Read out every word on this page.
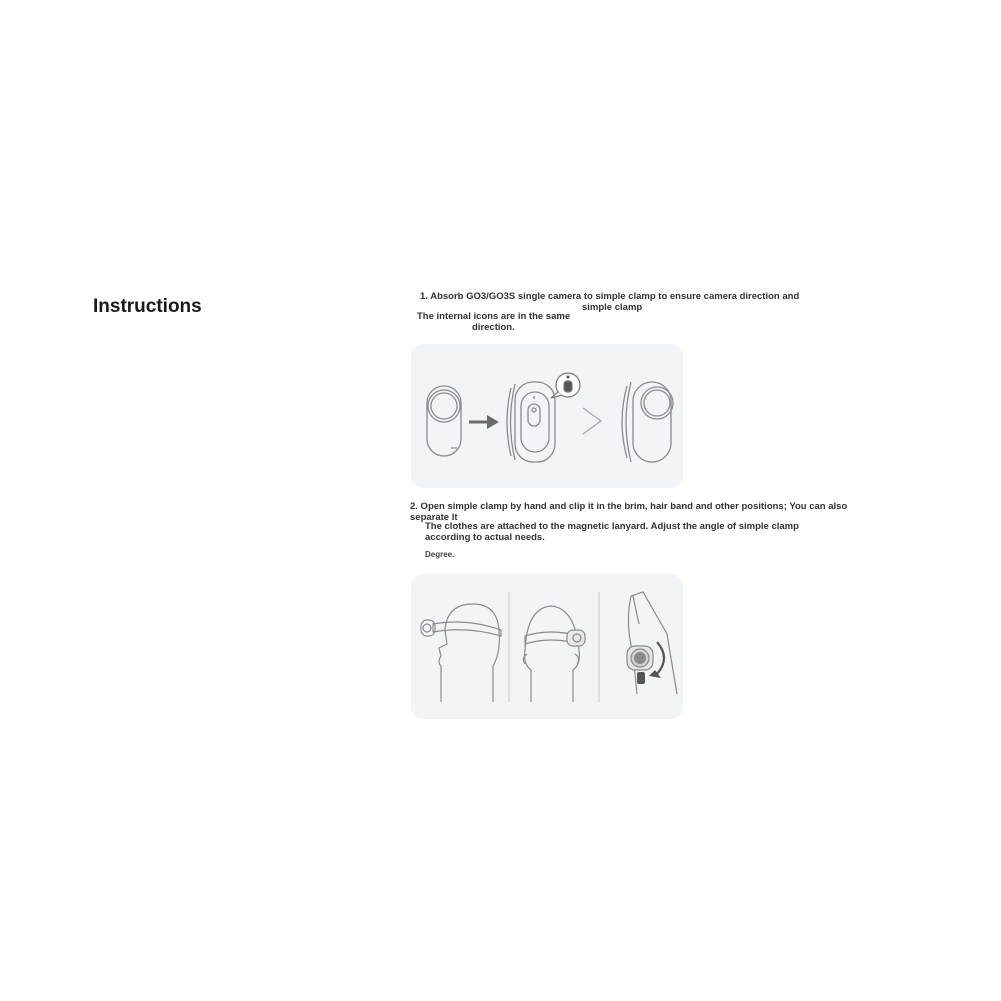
Instructions	1. Absorb GO3/GO3S single camera to simple clamp to ensure camera direction and
simple clamp
The internal icons are in the same
direction.
2. Open simple clamp by hand and clip it in the brim, hair band and other positions; You can also
separate It
The clothes are attached to the magnetic lanyard. Adjust the angle of simple clamp
according to actual needs.
Degree.
